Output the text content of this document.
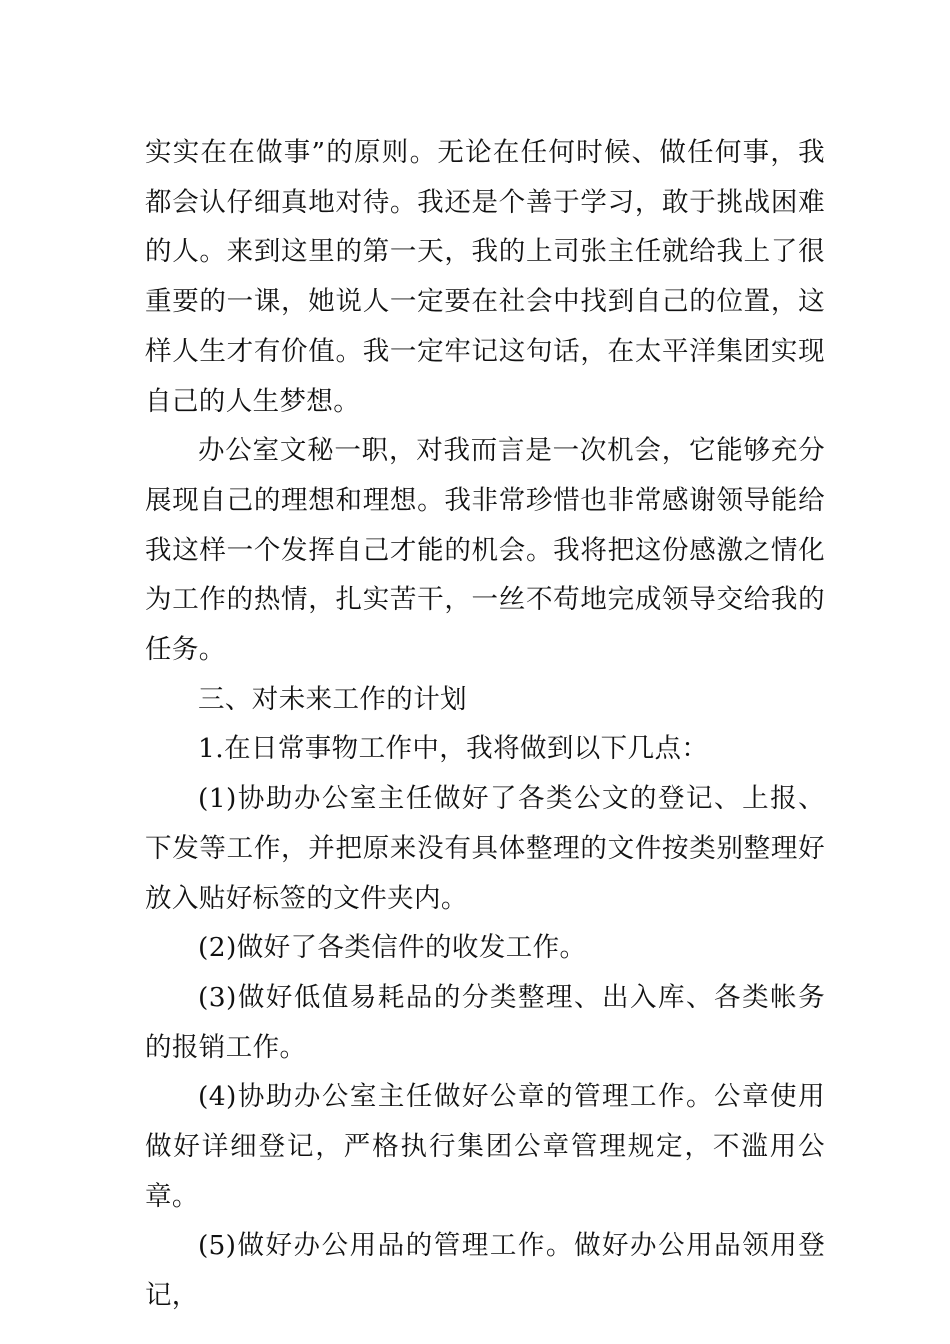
实实在在做事”的原则。无论在任何时候、做任何事，我都会认仔细真地对待。我还是个善于学习，敢于挑战困难的人。来到这里的第一天，我的上司张主任就给我上了很重要的一课，她说人一定要在社会中找到自己的位置，这样人生才有价值。我一定牢记这句话，在太平洋集团实现自己的人生梦想。

办公室文秘一职，对我而言是一次机会，它能够充分展现自己的理想和理想。我非常珍惜也非常感谢领导能给我这样一个发挥自己才能的机会。我将把这份感激之情化为工作的热情，扎实苦干，一丝不苟地完成领导交给我的任务。

三、对未来工作的计划

1.在日常事物工作中，我将做到以下几点：

(1)协助办公室主任做好了各类公文的登记、上报、下发等工作，并把原来没有具体整理的文件按类别整理好放入贴好标签的文件夹内。

(2)做好了各类信件的收发工作。

(3)做好低值易耗品的分类整理、出入库、各类帐务的报销工作。

(4)协助办公室主任做好公章的管理工作。公章使用做好详细登记，严格执行集团公章管理规定，不滥用公章。

(5)做好办公用品的管理工作。做好办公用品领用登记，
